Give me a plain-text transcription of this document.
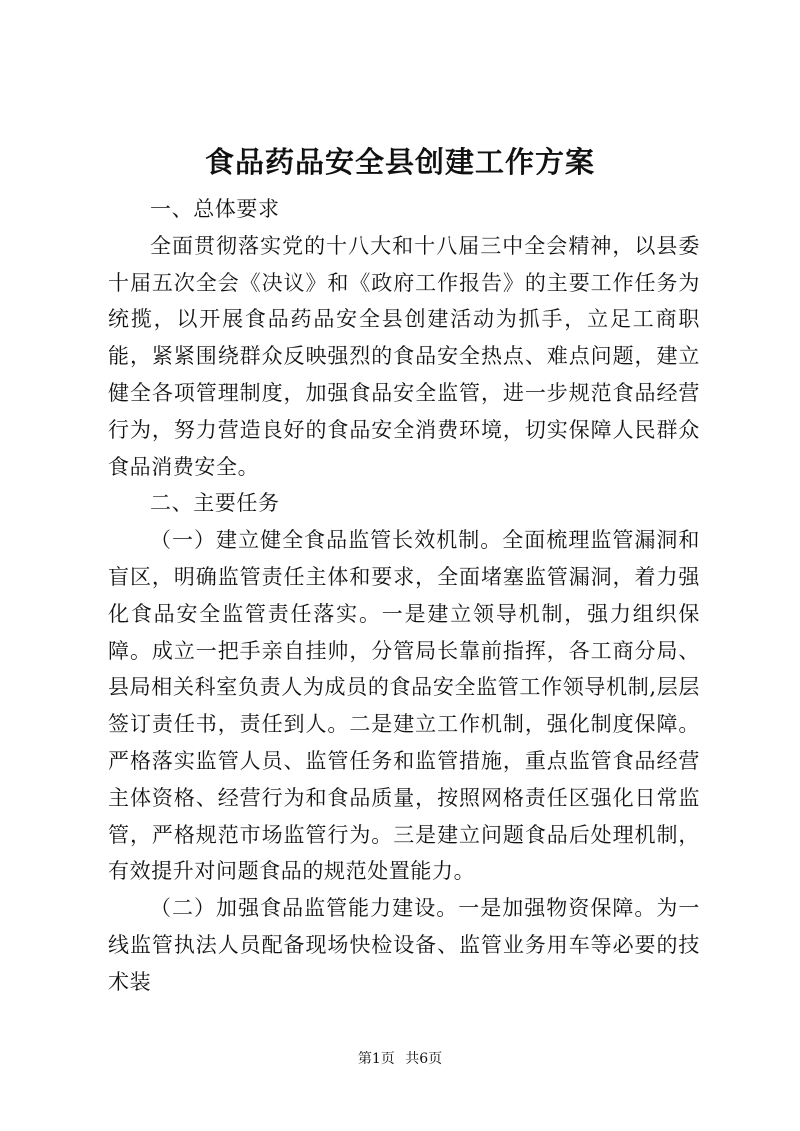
食品药品安全县创建工作方案

一、总体要求

全面贯彻落实党的十八大和十八届三中全会精神，以县委十届五次全会《决议》和《政府工作报告》的主要工作任务为统揽，以开展食品药品安全县创建活动为抓手，立足工商职能，紧紧围绕群众反映强烈的食品安全热点、难点问题，建立健全各项管理制度，加强食品安全监管，进一步规范食品经营行为，努力营造良好的食品安全消费环境，切实保障人民群众食品消费安全。

二、主要任务

（一）建立健全食品监管长效机制。全面梳理监管漏洞和盲区，明确监管责任主体和要求，全面堵塞监管漏洞，着力强化食品安全监管责任落实。一是建立领导机制，强力组织保障。成立一把手亲自挂帅，分管局长靠前指挥，各工商分局、县局相关科室负责人为成员的食品安全监管工作领导机制,层层签订责任书，责任到人。二是建立工作机制，强化制度保障。严格落实监管人员、监管任务和监管措施，重点监管食品经营主体资格、经营行为和食品质量，按照网格责任区强化日常监管，严格规范市场监管行为。三是建立问题食品后处理机制，有效提升对问题食品的规范处置能力。

（二）加强食品监管能力建设。一是加强物资保障。为一线监管执法人员配备现场快检设备、监管业务用车等必要的技术装

第1页 共6页
